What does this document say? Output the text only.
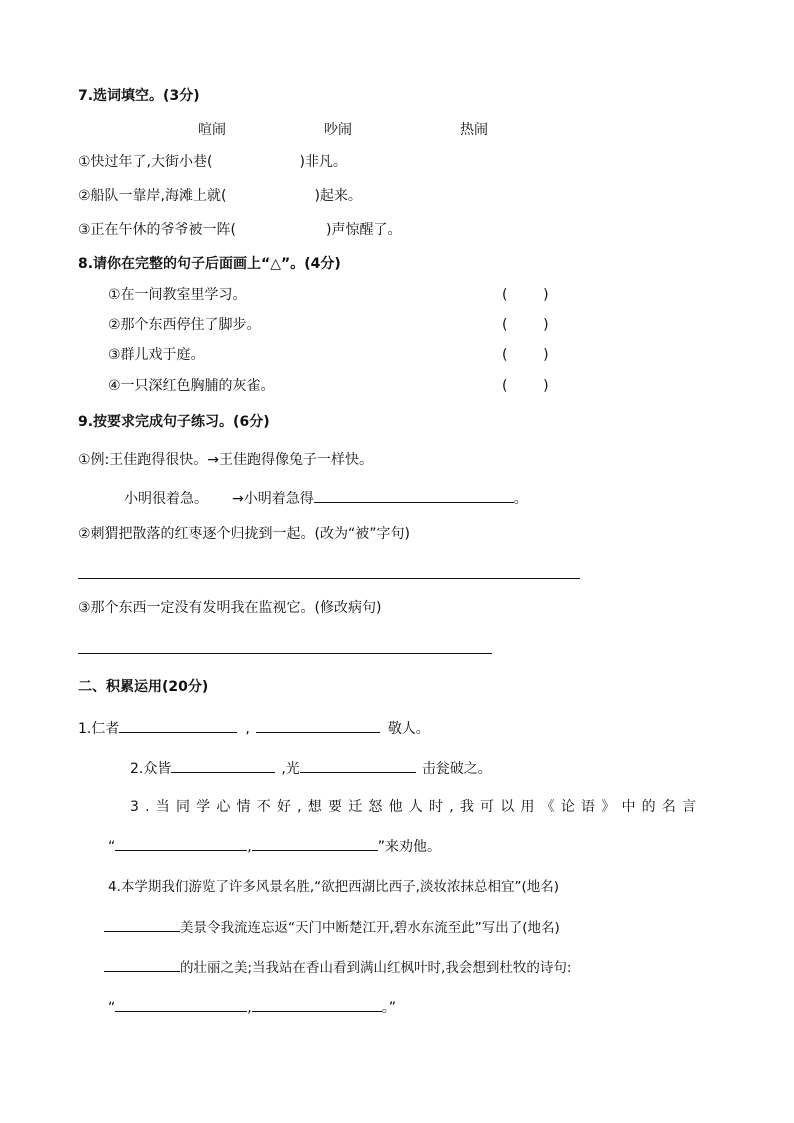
7.选词填空。(3分)
喧闹	吵闹	热闹
①快过年了,大街小巷(	)非凡。
②船队一靠岸,海滩上就(	)起来。
③正在午休的爷爷被一阵(	)声惊醒了。
8.请你在完整的句子后面画上“△”。(4分)
①在一间教室里学习。	(        )
②那个东西停住了脚步。	(        )
③群儿戏于庭。	(        )
④一只深红色胸脯的灰雀。	(        )
9.按要求完成句子练习。(6分)
①例:王佳跑得很快。→王佳跑得像兔子一样快。
小明很着急。 →小明着急得	。
②刺猬把散落的红枣逐个归拢到一起。(改为“被”字句)
③那个东西一定没有发明我在监视它。(修改病句)
二、积累运用(20分)
1.仁者	,	敬人。
2.众皆	,光	击瓮破之。
3.当同学心情不好,想要迁怒他人时,我可以用《论语》中的名言
“	,	”来劝他。
4.本学期我们游览了许多风景名胜,“欲把西湖比西子,淡妆浓抹总相宜”(地名)
美景令我流连忘返“天门中断楚江开,碧水东流至此”写出了(地名)
的壮丽之美;当我站在香山看到满山红枫叶时,我会想到杜牧的诗句:
“	,	。”
